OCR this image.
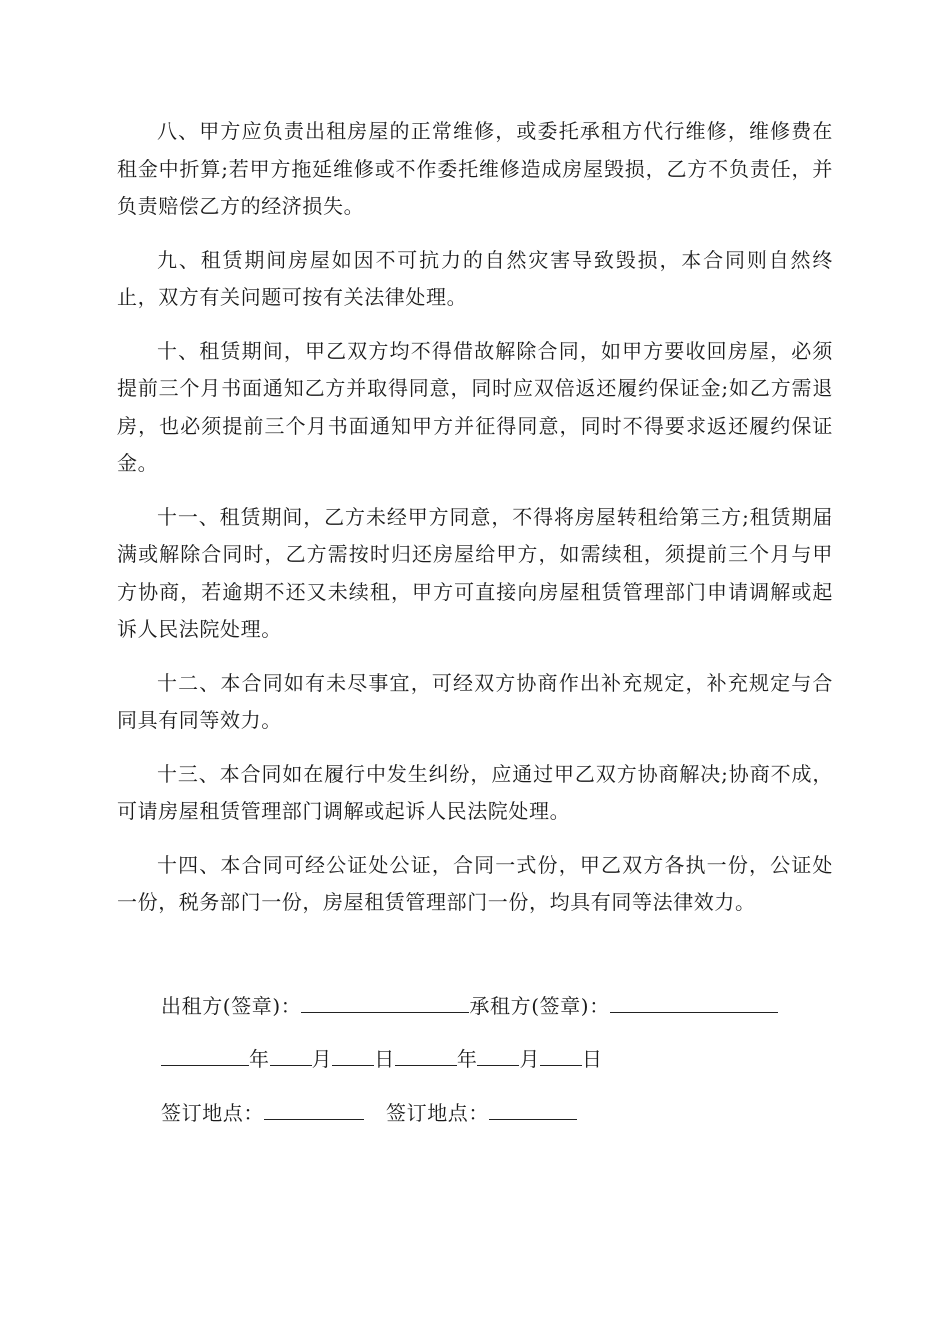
八、甲方应负责出租房屋的正常维修，或委托承租方代行维修，维修费在租金中折算;若甲方拖延维修或不作委托维修造成房屋毁损，乙方不负责任，并负责赔偿乙方的经济损失。

九、租赁期间房屋如因不可抗力的自然灾害导致毁损，本合同则自然终止，双方有关问题可按有关法律处理。

十、租赁期间，甲乙双方均不得借故解除合同，如甲方要收回房屋，必须提前三个月书面通知乙方并取得同意，同时应双倍返还履约保证金;如乙方需退房，也必须提前三个月书面通知甲方并征得同意，同时不得要求返还履约保证金。

十一、租赁期间，乙方未经甲方同意，不得将房屋转租给第三方;租赁期届满或解除合同时，乙方需按时归还房屋给甲方，如需续租，须提前三个月与甲方协商，若逾期不还又未续租，甲方可直接向房屋租赁管理部门申请调解或起诉人民法院处理。

十二、本合同如有未尽事宜，可经双方协商作出补充规定，补充规定与合同具有同等效力。

十三、本合同如在履行中发生纠纷，应通过甲乙双方协商解决;协商不成，可请房屋租赁管理部门调解或起诉人民法院处理。

十四、本合同可经公证处公证，合同一式份，甲乙双方各执一份，公证处一份，税务部门一份，房屋租赁管理部门一份，均具有同等法律效力。

出租方(签章)：	承租方(签章)：
年 月 日	年 月 日
签订地点：	签订地点：
